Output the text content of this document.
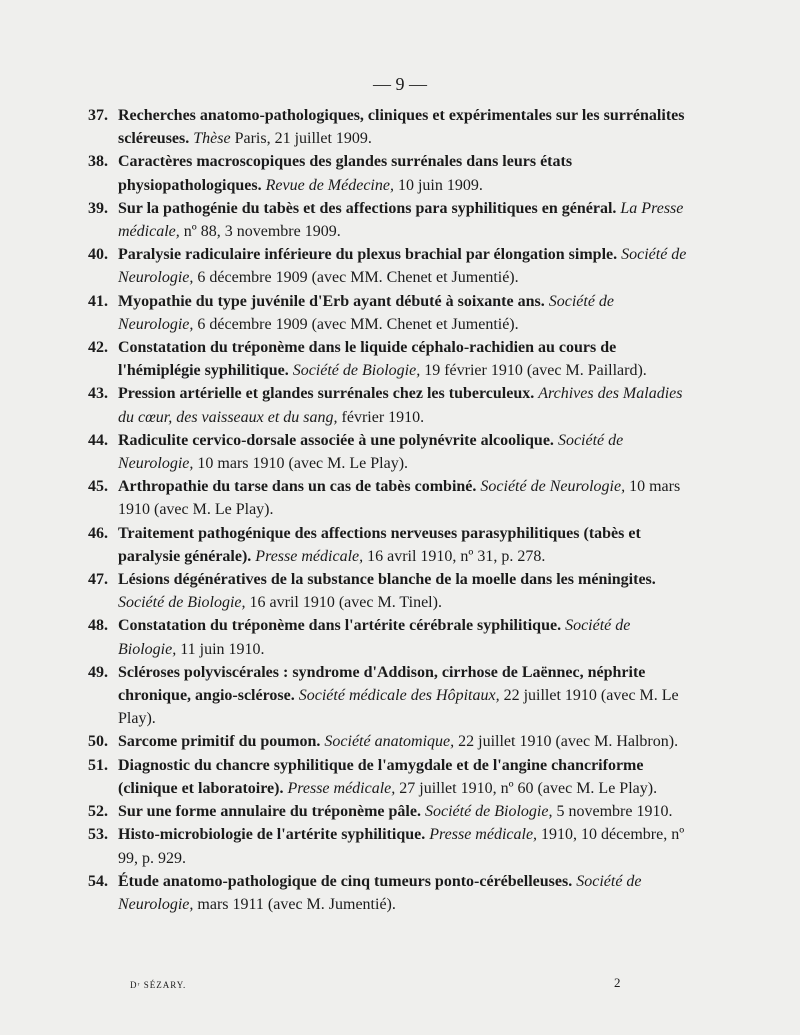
— 9 —

37. Recherches anatomo-pathologiques, cliniques et expérimentales sur les surrénalites scléreuses. Thèse Paris, 21 juillet 1909.

38. Caractères macroscopiques des glandes surrénales dans leurs états physiopathologiques. Revue de Médecine, 10 juin 1909.

39. Sur la pathogénie du tabès et des affections para syphilitiques en général. La Presse médicale, nº 88, 3 novembre 1909.

40. Paralysie radiculaire inférieure du plexus brachial par élongation simple. Société de Neurologie, 6 décembre 1909 (avec MM. Chenet et Jumentié).

41. Myopathie du type juvénile d'Erb ayant débuté à soixante ans. Société de Neurologie, 6 décembre 1909 (avec MM. Chenet et Jumentié).

42. Constatation du tréponème dans le liquide céphalo-rachidien au cours de l'hémiplégie syphilitique. Société de Biologie, 19 février 1910 (avec M. Paillard).

43. Pression artérielle et glandes surrénales chez les tuberculeux. Archives des Maladies du cœur, des vaisseaux et du sang, février 1910.

44. Radiculite cervico-dorsale associée à une polynévrite alcoolique. Société de Neurologie, 10 mars 1910 (avec M. Le Play).

45. Arthropathie du tarse dans un cas de tabès combiné. Société de Neurologie, 10 mars 1910 (avec M. Le Play).

46. Traitement pathogénique des affections nerveuses parasyphilitiques (tabès et paralysie générale). Presse médicale, 16 avril 1910, nº 31, p. 278.

47. Lésions dégénératives de la substance blanche de la moelle dans les méningites. Société de Biologie, 16 avril 1910 (avec M. Tinel).

48. Constatation du tréponème dans l'artérite cérébrale syphilitique. Société de Biologie, 11 juin 1910.

49. Scléroses polyviscérales : syndrome d'Addison, cirrhose de Laënnec, néphrite chronique, angio-sclérose. Société médicale des Hôpitaux, 22 juillet 1910 (avec M. Le Play).

50. Sarcome primitif du poumon. Société anatomique, 22 juillet 1910 (avec M. Halbron).

51. Diagnostic du chancre syphilitique de l'amygdale et de l'angine chancriforme (clinique et laboratoire). Presse médicale, 27 juillet 1910, nº 60 (avec M. Le Play).

52. Sur une forme annulaire du tréponème pâle. Société de Biologie, 5 novembre 1910.

53. Histo-microbiologie de l'artérite syphilitique. Presse médicale, 1910, 10 décembre, nº 99, p. 929.

54. Étude anatomo-pathologique de cinq tumeurs ponto-cérébelleuses. Société de Neurologie, mars 1911 (avec M. Jumentié).

Dʳ SÉZARY.	2
